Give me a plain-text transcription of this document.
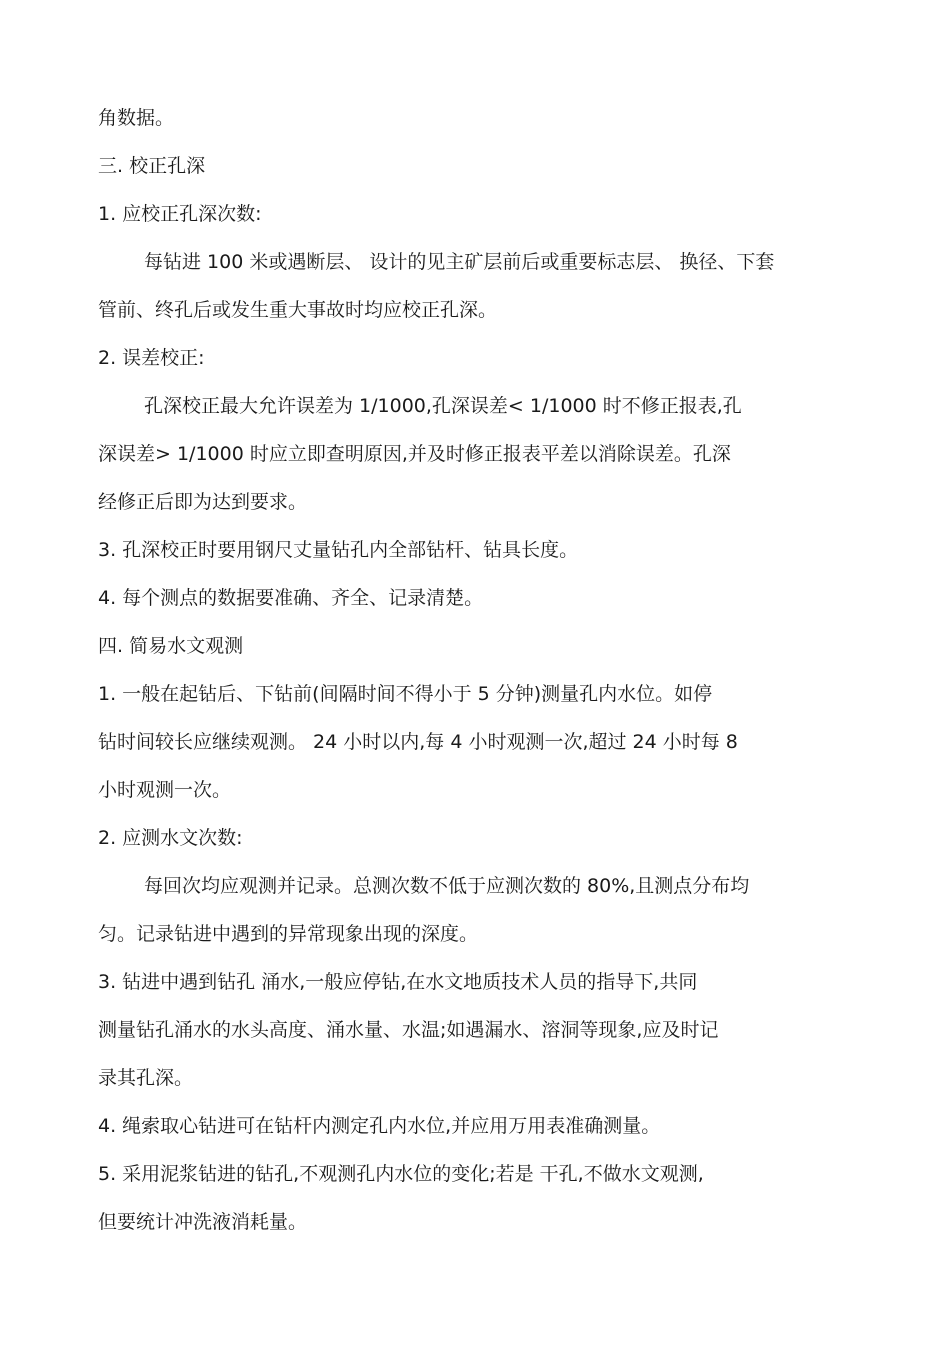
角数据。
三. 校正孔深
1. 应校正孔深次数:
每钻进 100 米或遇断层、 设计的见主矿层前后或重要标志层、 换径、下套
管前、终孔后或发生重大事故时均应校正孔深。
2. 误差校正:
孔深校正最大允许误差为 1/1000,孔深误差< 1/1000 时不修正报表,孔
深误差> 1/1000 时应立即查明原因,并及时修正报表平差以消除误差。孔深
经修正后即为达到要求。
3. 孔深校正时要用钢尺丈量钻孔内全部钻杆、钻具长度。
4. 每个测点的数据要准确、齐全、记录清楚。
四. 简易水文观测
1. 一般在起钻后、下钻前(间隔时间不得小于 5 分钟)测量孔内水位。如停
钻时间较长应继续观测。 24 小时以内,每 4 小时观测一次,超过 24 小时每 8
小时观测一次。
2. 应测水文次数:
每回次均应观测并记录。总测次数不低于应测次数的 80%,且测点分布均
匀。记录钻进中遇到的异常现象出现的深度。
3. 钻进中遇到钻孔 涌水,一般应停钻,在水文地质技术人员的指导下,共同
测量钻孔涌水的水头高度、涌水量、水温;如遇漏水、溶洞等现象,应及时记
录其孔深。
4. 绳索取心钻进可在钻杆内测定孔内水位,并应用万用表准确测量。
5. 采用泥浆钻进的钻孔,不观测孔内水位的变化;若是 干孔,不做水文观测,
但要统计冲洗液消耗量。
